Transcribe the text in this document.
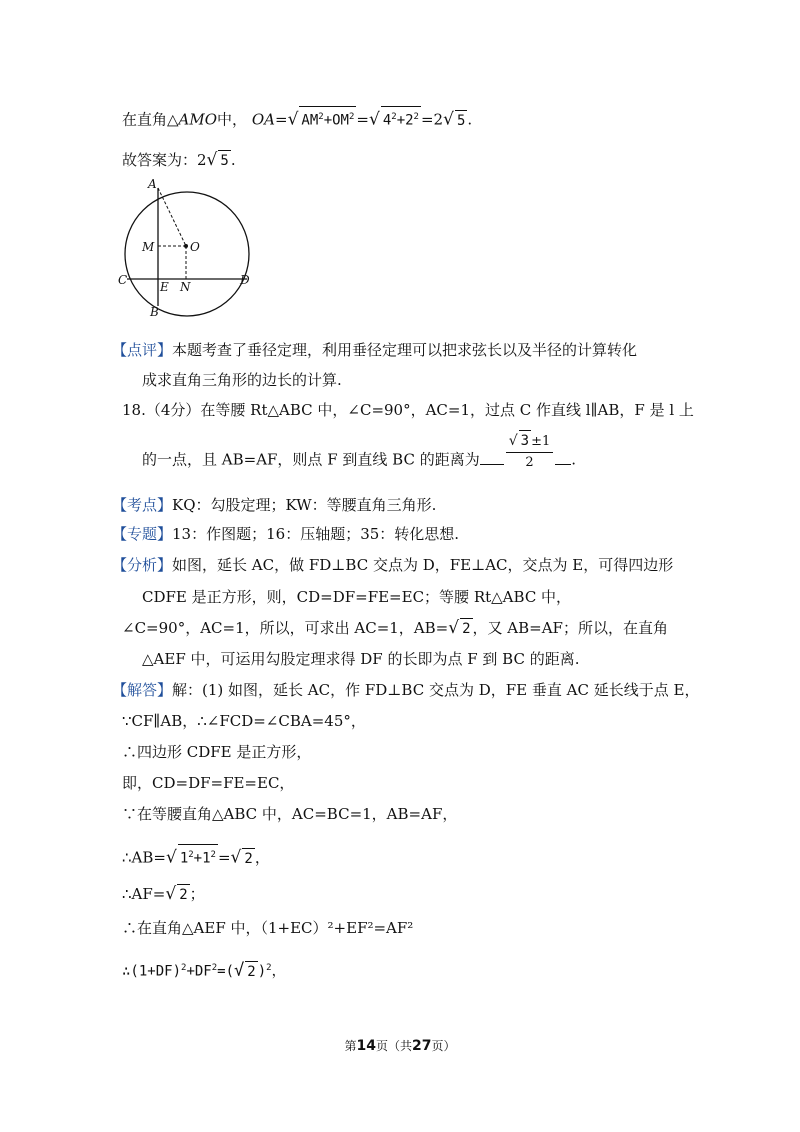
在直角△AMO中， OA=√ $AM^2+OM^2$ =√ $4^2+2^2 =2√$ 5 .
故答案为：2√ 5 .
A
M	O
C	E N	D
B
【点评】本题考查了垂径定理，利用垂径定理可以把求弦长以及半径的计算转化
成求直角三角形的边长的计算.
18.（4分）在等腰 Rt△ABC 中，∠C=90°，AC=1，过点 C 作直线 l∥AB，F 是 l 上
的一点，且 AB=AF，则点 F 到直线 BC 的距离为 $\frac{√ 3 \pm 1}{2}$ .
【考点】KQ：勾股定理；KW：等腰直角三角形.
【专题】13：作图题；16：压轴题；35：转化思想.
【分析】如图，延长 AC，做 FD⊥BC 交点为 D，FE⊥AC，交点为 E，可得四边形
CDFE 是正方形，则，CD=DF=FE=EC；等腰 Rt△ABC 中，
∠C=90°，AC=1，所以，可求出 AC=1，AB=√ 2 ，又 AB=AF；所以，在直角
△AEF 中，可运用勾股定理求得 DF 的长即为点 F 到 BC 的距离.
【解答】解：(1) 如图，延长 AC，作 FD⊥BC 交点为 D，FE 垂直 AC 延长线于点 E，
∵CF∥AB，∴∠FCD=∠CBA=45°，
∴四边形 CDFE 是正方形，
即，CD=DF=FE=EC，
∵在等腰直角△ABC 中，AC=BC=1，AB=AF，
∴AB=√ $1^2+1^2$ =√ 2 ，
∴AF=√ 2 ；
∴在直角△AEF 中，（1+EC）²+EF²=AF²
$\therefore(1+DF)^2+DF^2=(√$ 2 )$^2$，
第14页（共27页）
